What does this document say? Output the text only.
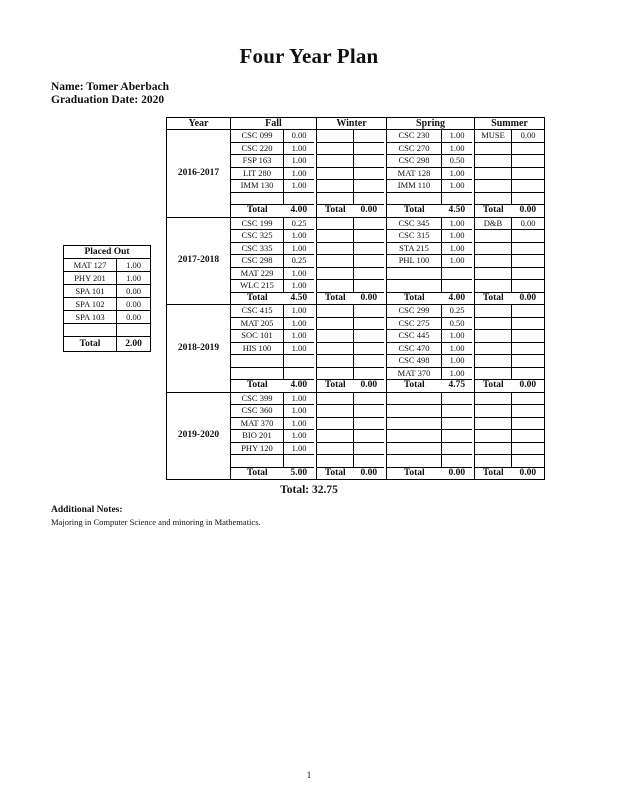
Four Year Plan
Name: Tomer Aberbach
Graduation Date: 2020
Placed Out	
MAT 127	1.00
PHY 201	1.00
SPA 101	0.00
SPA 102	0.00
SPA 103	0.00

Total	2.00
Year	Fall			Winter			Spring			Summer	
2016-2017	CSC 099	0.00					CSC 230	1.00		MUSE	0.00
	CSC 220	1.00					CSC 270	1.00			
	FSP 163	1.00					CSC 298	0.50			
	LIT 280	1.00					MAT 128	1.00			
	IMM 130	1.00					IMM 110	1.00			

	Total	4.00		Total	0.00		Total	4.50		Total	0.00
2017-2018	CSC 199	0.25					CSC 345	1.00		D&B	0.00
	CSC 325	1.00					CSC 315	1.00			
	CSC 335	1.00					STA 215	1.00			
	CSC 298	0.25					PHL 100	1.00			
	MAT 229	1.00									
	WLC 215	1.00									
	Total	4.50		Total	0.00		Total	4.00		Total	0.00
2018-2019	CSC 415	1.00					CSC 299	0.25			
	MAT 205	1.00					CSC 275	0.50			
	SOC 101	1.00					CSC 445	1.00			
	HIS 100	1.00					CSC 470	1.00			
							CSC 498	1.00			
							MAT 370	1.00			
	Total	4.00		Total	0.00		Total	4.75		Total	0.00
2019-2020	CSC 399	1.00									
	CSC 360	1.00									
	MAT 370	1.00									
	BIO 201	1.00									
	PHY 120	1.00									

	Total	5.00		Total	0.00		Total	0.00		Total	0.00
Total: 32.75
Additional Notes:
Majoring in Computer Science and minoring in Mathematics.
1
